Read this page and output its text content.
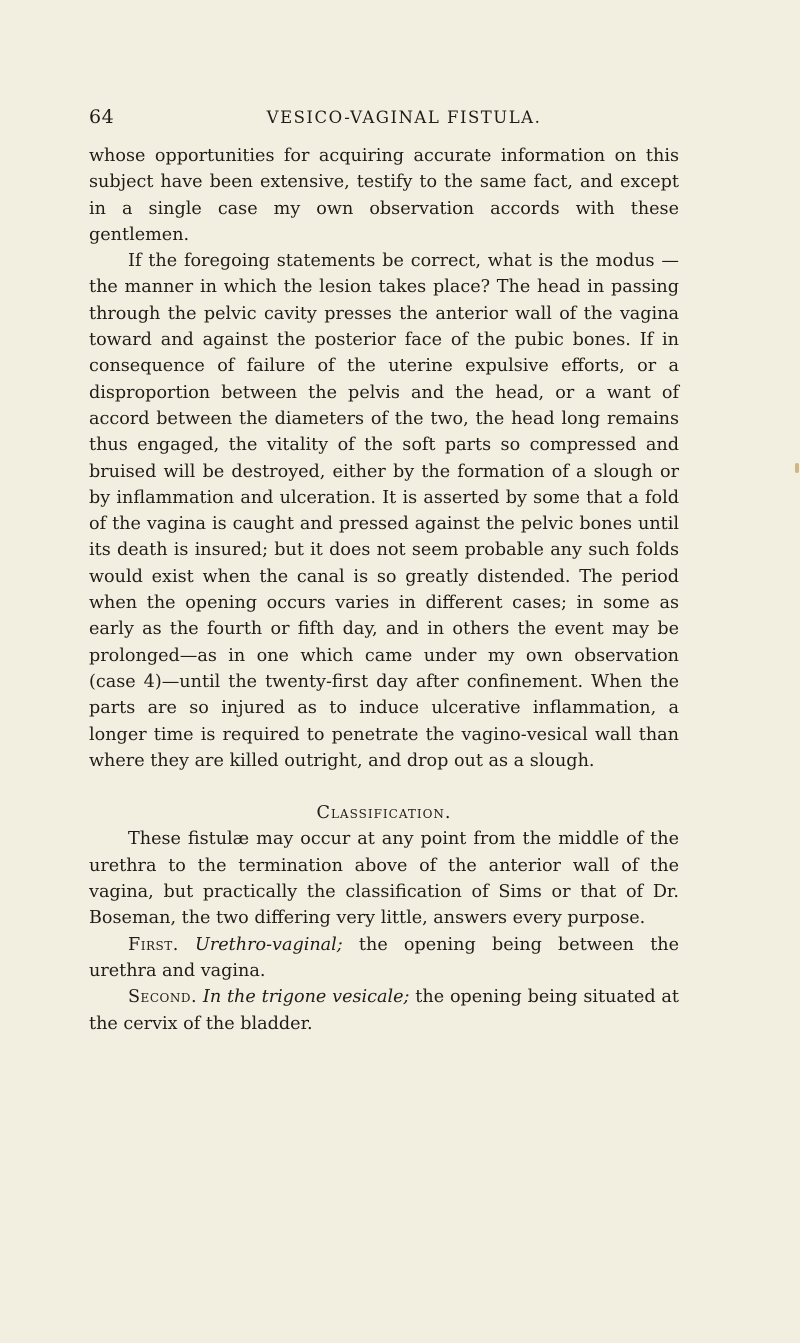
64	VESICO-VAGINAL FISTULA.

whose opportunities for acquiring accurate information on this subject have been extensive, testify to the same fact, and except in a single case my own observation accords with these gentlemen.

If the foregoing statements be correct, what is the modus —the manner in which the lesion takes place? The head in passing through the pelvic cavity presses the anterior wall of the vagina toward and against the posterior face of the pubic bones. If in consequence of failure of the uterine expulsive efforts, or a disproportion between the pelvis and the head, or a want of accord between the diameters of the two, the head long remains thus engaged, the vitality of the soft parts so compressed and bruised will be destroyed, either by the formation of a slough or by inflammation and ulceration. It is asserted by some that a fold of the vagina is caught and pressed against the pelvic bones until its death is insured; but it does not seem probable any such folds would exist when the canal is so greatly distended. The period when the opening occurs varies in different cases; in some as early as the fourth or fifth day, and in others the event may be prolonged—as in one which came under my own observation (case 4)—until the twenty-first day after confinement. When the parts are so injured as to induce ulcerative inflammation, a longer time is required to penetrate the vagino-vesical wall than where they are killed outright, and drop out as a slough.

Classification.

These fistulæ may occur at any point from the middle of the urethra to the termination above of the anterior wall of the vagina, but practically the classification of Sims or that of Dr. Boseman, the two differing very little, answers every purpose.

First. Urethro-vaginal; the opening being between the urethra and vagina.

Second. In the trigone vesicale; the opening being situated at the cervix of the bladder.
